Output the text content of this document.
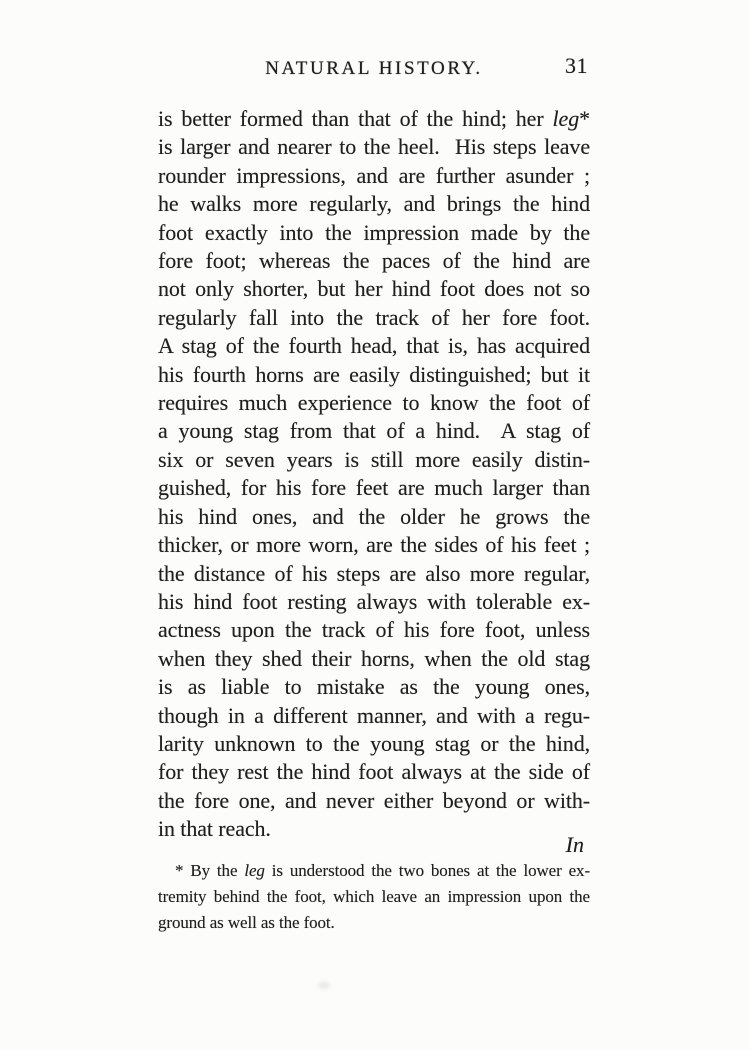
NATURAL HISTORY.	31
is better formed than that of the hind; her leg*
is larger and nearer to the heel.  His steps leave
rounder impressions, and are further asunder ;
he walks more regularly, and brings the hind
foot exactly into the impression made by the
fore foot; whereas the paces of the hind are
not only shorter, but her hind foot does not so
regularly fall into the track of her fore foot.
A stag of the fourth head, that is, has acquired
his fourth horns are easily distinguished; but it
requires much experience to know the foot of
a young stag from that of a hind.  A stag of
six or seven years is still more easily distin-
guished, for his fore feet are much larger than
his hind ones, and the older he grows the
thicker, or more worn, are the sides of his feet ;
the distance of his steps are also more regular,
his hind foot resting always with tolerable ex-
actness upon the track of his fore foot, unless
when they shed their horns, when the old stag
is as liable to mistake as the young ones,
though in a different manner, and with a regu-
larity unknown to the young stag or the hind,
for they rest the hind foot always at the side of
the fore one, and never either beyond or with-
in that reach.
In
* By the leg is understood the two bones at the lower ex-
tremity behind the foot, which leave an impression upon the
ground as well as the foot.
